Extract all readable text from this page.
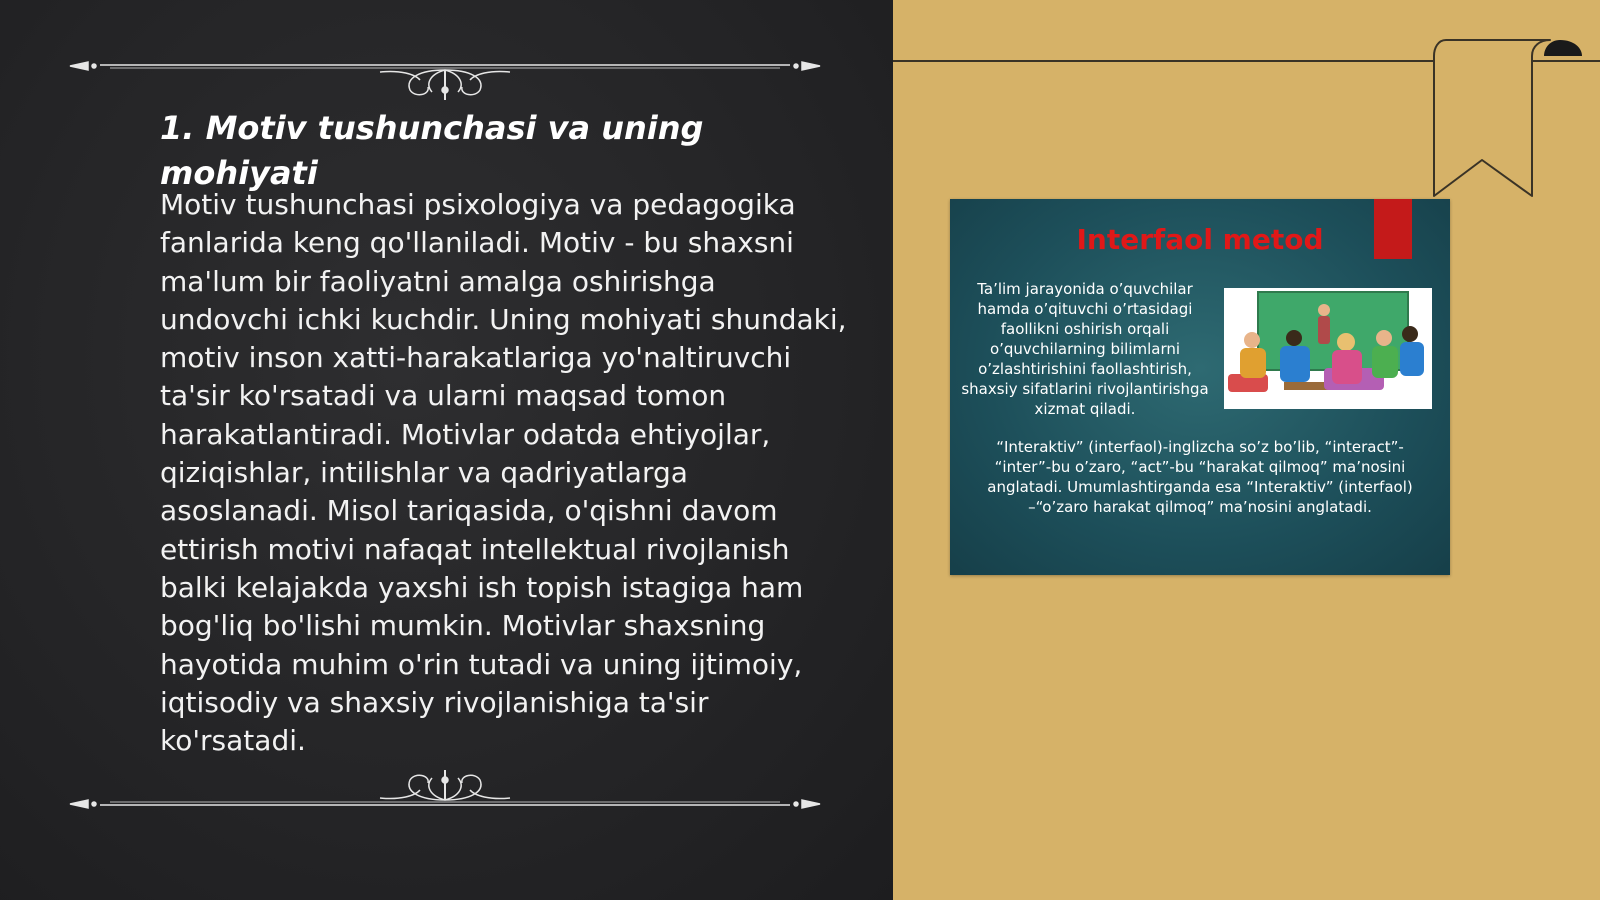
1. Motiv tushunchasi va uning mohiyati

Motiv tushunchasi psixologiya va pedagogika fanlarida keng qo'llaniladi. Motiv - bu shaxsni ma'lum bir faoliyatni amalga oshirishga undovchi ichki kuchdir. Uning mohiyati shundaki, motiv inson xatti-harakatlariga yo'naltiruvchi ta'sir ko'rsatadi va ularni maqsad tomon harakatlantiradi. Motivlar odatda ehtiyojlar, qiziqishlar, intilishlar va qadriyatlarga asoslanadi. Misol tariqasida, o'qishni davom ettirish motivi nafaqat intellektual rivojlanish balki kelajakda yaxshi ish topish istagiga ham bog'liq bo'lishi mumkin. Motivlar shaxsning hayotida muhim o'rin tutadi va uning ijtimoiy, iqtisodiy va shaxsiy rivojlanishiga ta'sir ko'rsatadi.

Interfaol metod
Ta’lim jarayonida o’quvchilar hamda o’qituvchi o’rtasidagi faollikni oshirish orqali o’quvchilarning bilimlarni o’zlashtirishini faollashtirish, shaxsiy sifatlarini rivojlantirishga xizmat qiladi.
“Interaktiv” (interfaol)-inglizcha so’z bo’lib, “interact”- “inter”-bu o’zaro, “act”-bu “harakat qilmoq” ma’nosini anglatadi. Umumlashtirganda esa “Interaktiv” (interfaol) –“o’zaro harakat qilmoq” ma’nosini anglatadi.
